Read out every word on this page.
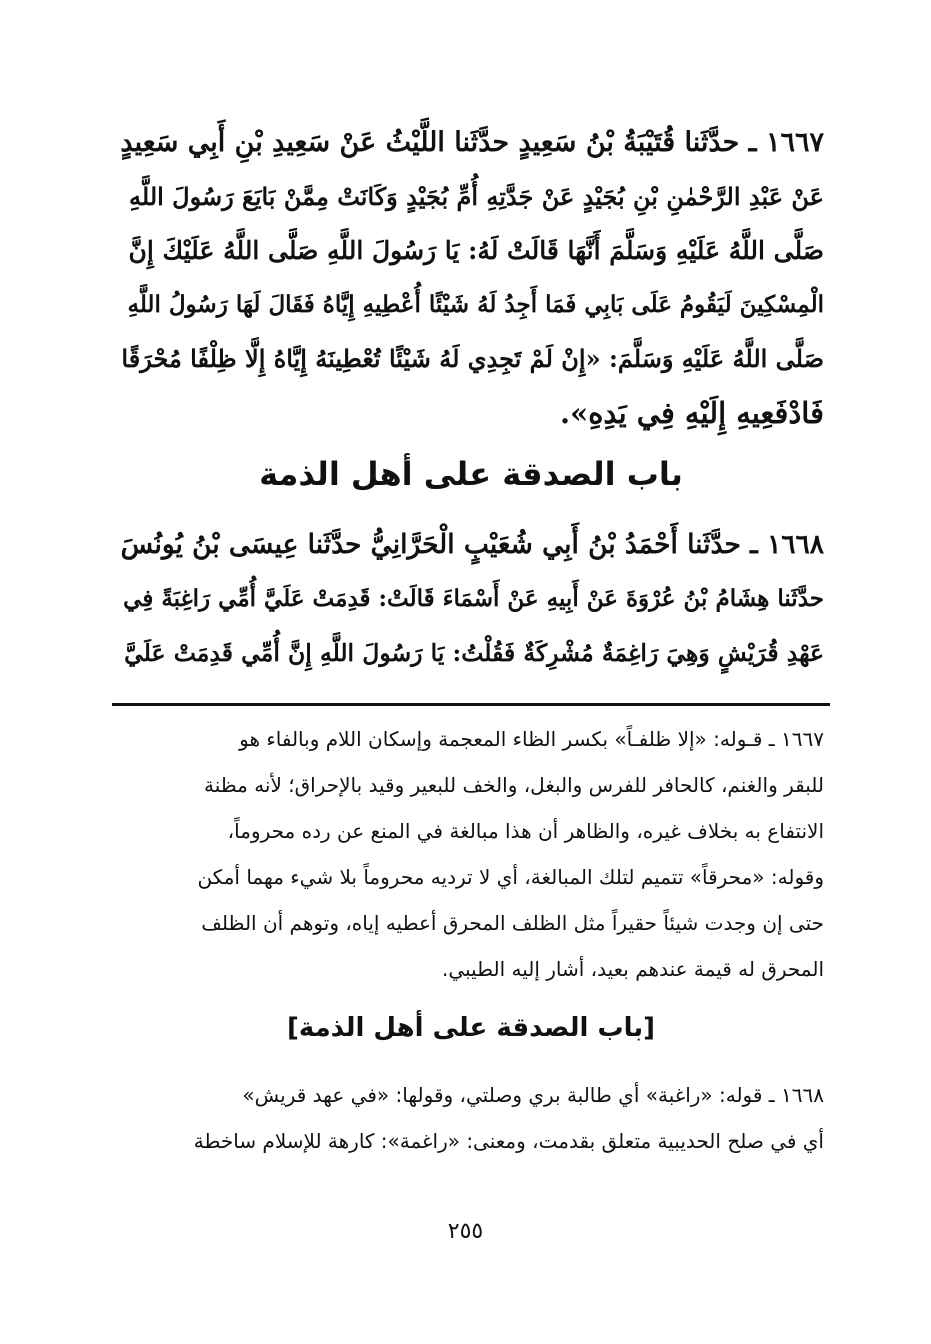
١٦٦٧ ـ حدَّثَنا قُتَيْبَةُ بْنُ سَعِيدٍ حدَّثَنا اللَّيْثُ عَنْ سَعِيدِ بْنِ أَبِي سَعِيدٍ
عَنْ عَبْدِ الرَّحْمٰنِ بْنِ بُجَيْدٍ عَنْ جَدَّتِهِ أُمِّ بُجَيْدٍ وَكَانَتْ مِمَّنْ بَايَعَ رَسُولَ اللَّهِ
صَلَّى اللَّهُ عَلَيْهِ وَسَلَّمَ أَنَّهَا قَالَتْ لَهُ: يَا رَسُولَ اللَّهِ صَلَّى اللَّهُ عَلَيْكَ إِنَّ
الْمِسْكِينَ لَيَقُومُ عَلَى بَابِي فَمَا أَجِدُ لَهُ شَيْئًا أُعْطِيهِ إِيَّاهُ فَقَالَ لَهَا رَسُولُ اللَّهِ
صَلَّى اللَّهُ عَلَيْهِ وَسَلَّمَ: «إِنْ لَمْ تَجِدِي لَهُ شَيْئًا تُعْطِينَهُ إِيَّاهُ إِلَّا ظِلْفًا مُحْرَقًا
فَادْفَعِيهِ إِلَيْهِ فِي يَدِهِ».
باب الصدقة على أهل الذمة
١٦٦٨ ـ حدَّثَنا أَحْمَدُ بْنُ أَبِي شُعَيْبٍ الْحَرَّانِيُّ حدَّثَنا عِيسَى بْنُ يُونُسَ
حدَّثَنا هِشَامُ بْنُ عُرْوَةَ عَنْ أَبِيهِ عَنْ أَسْمَاءَ قَالَتْ: قَدِمَتْ عَلَيَّ أُمِّي رَاغِبَةً فِي
عَهْدِ قُرَيْشٍ وَهِيَ رَاغِمَةٌ مُشْرِكَةٌ فَقُلْتُ: يَا رَسُولَ اللَّهِ إِنَّ أُمِّي قَدِمَتْ عَلَيَّ
١٦٦٧ ـ قـوله: «إلا ظلفـاً» بكسر الظاء المعجمة وإسكان اللام وبالفاء هو
للبقر والغنم، كالحافر للفرس والبغل، والخف للبعير وقيد بالإحراق؛ لأنه مظنة
الانتفاع به بخلاف غيره، والظاهر أن هذا مبالغة في المنع عن رده محروماً،
وقوله: «محرقاً» تتميم لتلك المبالغة، أي لا ترديه محروماً بلا شيء مهما أمكن
حتى إن وجدت شيئاً حقيراً مثل الظلف المحرق أعطيه إياه، وتوهم أن الظلف
المحرق له قيمة عندهم بعيد، أشار إليه الطيبي.
[باب الصدقة على أهل الذمة]
١٦٦٨ ـ قوله: «راغبة» أي طالبة بري وصلتي، وقولها: «في عهد قريش»
أي في صلح الحديبية متعلق بقدمت، ومعنى: «راغمة»: كارهة للإسلام ساخطة
٢٥٥
